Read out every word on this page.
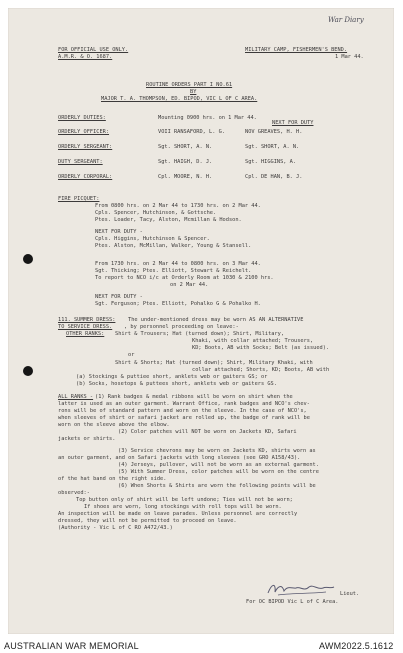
War Diary
FOR OFFICIAL USE ONLY.
A.M.R. & O. 1687.
MILITARY CAMP, FISHERMEN'S BEND.
1 Mar 44.
ROUTINE ORDERS PART I NO.61
BY
MAJOR T. A. THOMPSON, ED. BIPOD, VIC L OF C AREA.
ORDERLY DUTIES:	Mounting 0900 hrs. on 1 Mar 44.
NEXT FOR DUTY
ORDERLY OFFICER:	VOII RANSAFORD, L. G.	NOV GREAVES, H. H.
ORDERLY SERGEANT:	Sgt. SHORT, A. N.	Sgt. SHORT, A. N.
DUTY SERGEANT:	Sgt. HAIGH, D. J.	Sgt. HIGGINS, A.
ORDERLY CORPORAL:	Cpl. MOORE, N. H.	Cpl. DE HAN, B. J.
FIRE PICQUET:
From 0800 hrs. on 2 Mar 44 to 1730 hrs. on 2 Mar 44.
Cpls. Spencer, Hutchinson, & Gottsche.
Ptes. Loader, Tacy, Alston, Mcmillan & Hodson.
NEXT FOR DUTY -
Cpls. Higgins, Hutchinson & Spencer.
Ptes. Alston, McMillan, Walker, Young & Stansell.
From 1730 hrs. on 2 Mar 44 to 0800 hrs. on 3 Mar 44.
Sgt. Thicking; Ptes. Elliott, Stewart & Reichelt.
To report to NCO i/c at Orderly Room at 1030 & 2100 hrs.
on 2 Mar 44.
NEXT FOR DUTY -
Sgt. Ferguson; Ptes. Elliott, Pohalko G & Pohalko H.
111. SUMMER DRESS: The under-mentioned dress may be worn AS AN ALTERNATIVE
TO SERVICE DRESS. , by personnel proceeding on leave:-
OTHER RANKS: Shirt & Trousers; Hat (turned down); Shirt, Military,
Khaki, with collar attached; Trousers,
KD; Boots, AB with Socks; Belt (as issued).
or
Shirt & Shorts; Hat (turned down); Shirt, Military Khaki, with
collar attached; Shorts, KD; Boots, AB with
(a) Stockings & puttiee short, anklets web or gaiters GS; or
(b) Socks, hosetops & puttees short, anklets web or gaiters GS.
ALL RANKS - (1) Rank badges & medal ribbons will be worn on shirt when the
latter is used as an outer garment. Warrant Office, rank badges and NCO's chev-
rons will be of standard pattern and worn on the sleeve. In the case of NCO's,
when sleeves of shirt or safari jacket are rolled up, the badge of rank will be
worn on the sleeve above the elbow.
(2) Color patches will NOT be worn on Jackets KD, Safari
jackets or shirts.
(3) Service chevrons may be worn on Jackets KD, shirts worn as
an outer garment, and on Safari jackets with long sleeves (see GRO A158/43).
(4) Jerseys, pullover, will not be worn as an external garment.
(5) With Summer Dress, color patches will be worn on the centre
of the hat band on the right side.
(6) When Shorts & Shirts are worn the following points will be
observed:-
Top button only of shirt will be left undone; Ties will not be worn;
If shoes are worn, long stockings with roll tops will be worn.
An inspection will be made on leave parades. Unless personnel are correctly
dressed, they will not be permitted to proceed on leave.
(Authority - Vic L of C RO A472/43.)
Lieut.
For OC BIPOD Vic L of C Area.
AUSTRALIAN WAR MEMORIAL	AWM2022.5.1612
